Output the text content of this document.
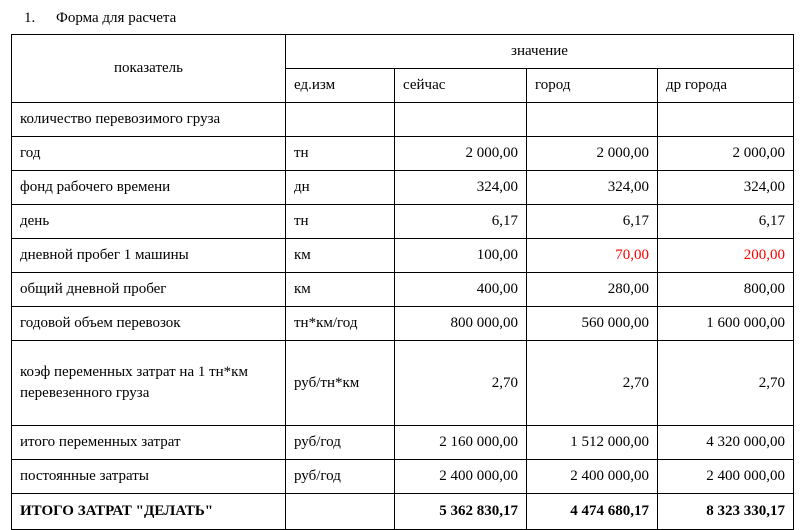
1. Форма для расчета
показатель	значение			
	ед.изм	сейчас	город	др города
количество перевозимого груза				
год	тн	2 000,00	2 000,00	2 000,00
фонд рабочего времени	дн	324,00	324,00	324,00
день	тн	6,17	6,17	6,17
дневной пробег 1 машины	км	100,00	70,00	200,00
общий дневной пробег	км	400,00	280,00	800,00
годовой объем перевозок	тн*км/год	800 000,00	560 000,00	1 600 000,00
коэф переменных затрат на 1 тн*км перевезенного груза	руб/тн*км	2,70	2,70	2,70
итого переменных затрат	руб/год	2 160 000,00	1 512 000,00	4 320 000,00
постоянные затраты	руб/год	2 400 000,00	2 400 000,00	2 400 000,00
ИТОГО ЗАТРАТ "ДЕЛАТЬ"		5 362 830,17	4 474 680,17	8 323 330,17
